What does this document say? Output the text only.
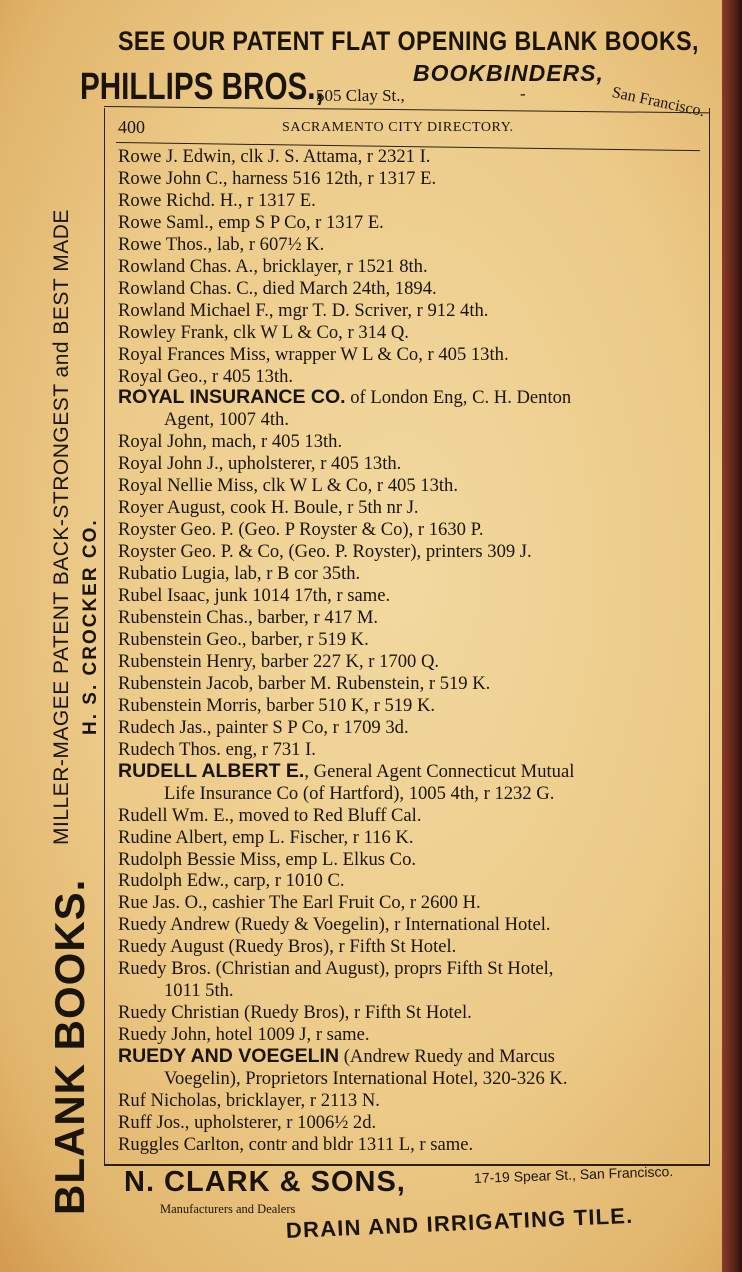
SEE OUR PATENT FLAT OPENING BLANK BOOKS,
PHILLIPS BROS.,	BOOKBINDERS,
505 Clay St.,	-	San Francisco.
BLANK BOOKS.
MILLER-MAGEE PATENT BACK-STRONGEST and BEST MADE H. S. CROCKER CO.
400	SACRAMENTO CITY DIRECTORY.
Rowe J. Edwin, clk J. S. Attama, r 2321 I.
Rowe John C., harness 516 12th, r 1317 E.
Rowe Richd. H., r 1317 E.
Rowe Saml., emp S P Co, r 1317 E.
Rowe Thos., lab, r 607½ K.
Rowland Chas. A., bricklayer, r 1521 8th.
Rowland Chas. C., died March 24th, 1894.
Rowland Michael F., mgr T. D. Scriver, r 912 4th.
Rowley Frank, clk W L & Co, r 314 Q.
Royal Frances Miss, wrapper W L & Co, r 405 13th.
Royal Geo., r 405 13th.
ROYAL INSURANCE CO. of London Eng, C. H. Denton
Agent, 1007 4th.
Royal John, mach, r 405 13th.
Royal John J., upholsterer, r 405 13th.
Royal Nellie Miss, clk W L & Co, r 405 13th.
Royer August, cook H. Boule, r 5th nr J.
Royster Geo. P. (Geo. P Royster & Co), r 1630 P.
Royster Geo. P. & Co, (Geo. P. Royster), printers 309 J.
Rubatio Lugia, lab, r B cor 35th.
Rubel Isaac, junk 1014 17th, r same.
Rubenstein Chas., barber, r 417 M.
Rubenstein Geo., barber, r 519 K.
Rubenstein Henry, barber 227 K, r 1700 Q.
Rubenstein Jacob, barber M. Rubenstein, r 519 K.
Rubenstein Morris, barber 510 K, r 519 K.
Rudech Jas., painter S P Co, r 1709 3d.
Rudech Thos. eng, r 731 I.
RUDELL ALBERT E., General Agent Connecticut Mutual
Life Insurance Co (of Hartford), 1005 4th, r 1232 G.
Rudell Wm. E., moved to Red Bluff Cal.
Rudine Albert, emp L. Fischer, r 116 K.
Rudolph Bessie Miss, emp L. Elkus Co.
Rudolph Edw., carp, r 1010 C.
Rue Jas. O., cashier The Earl Fruit Co, r 2600 H.
Ruedy Andrew (Ruedy & Voegelin), r International Hotel.
Ruedy August (Ruedy Bros), r Fifth St Hotel.
Ruedy Bros. (Christian and August), proprs Fifth St Hotel,
1011 5th.
Ruedy Christian (Ruedy Bros), r Fifth St Hotel.
Ruedy John, hotel 1009 J, r same.
RUEDY AND VOEGELIN (Andrew Ruedy and Marcus
Voegelin), Proprietors International Hotel, 320-326 K.
Ruf Nicholas, bricklayer, r 2113 N.
Ruff Jos., upholsterer, r 1006½ 2d.
Ruggles Carlton, contr and bldr 1311 L, r same.
N. CLARK & SONS,	17-19 Spear St., San Francisco.
Manufacturers and Dealers
DRAIN AND IRRIGATING TILE.
